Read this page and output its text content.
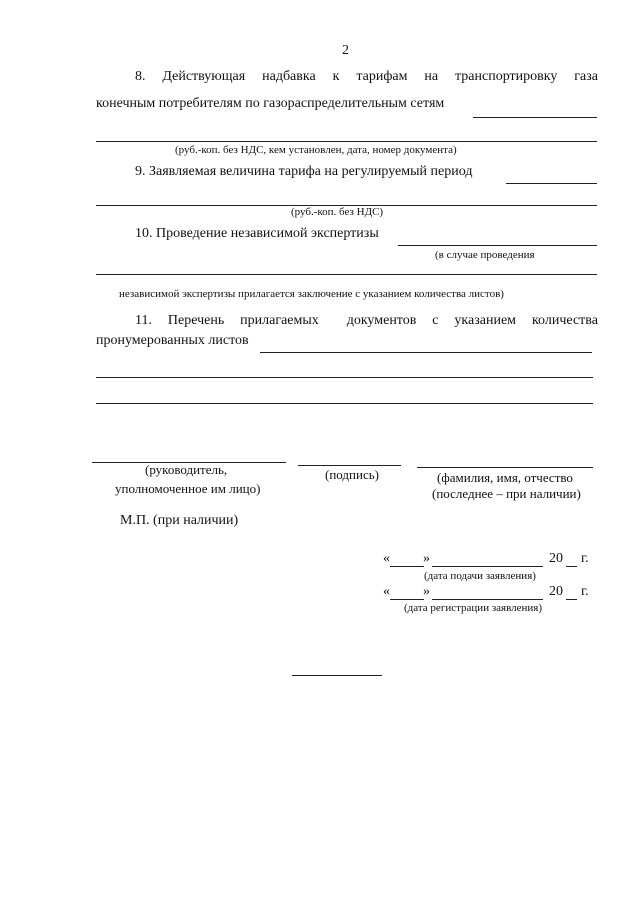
2
8. Действующая надбавка к тарифам на транспортировку газа
конечным потребителям по газораспределительным сетям
(руб.-коп. без НДС, кем установлен, дата, номер документа)
9. Заявляемая величина тарифа на регулируемый период
(руб.-коп. без НДС)
10. Проведение независимой экспертизы
(в случае проведения
независимой экспертизы прилагается заключение с указанием количества листов)
11. Перечень прилагаемых документов с указанием количества
пронумерованных листов
(руководитель,
уполномоченное им лицо)
(подпись)	(фамилия, имя, отчество
(последнее – при наличии)
М.П. (при наличии)
« »	20 г.
(дата подачи заявления)
« »	20 г.
(дата регистрации заявления)
